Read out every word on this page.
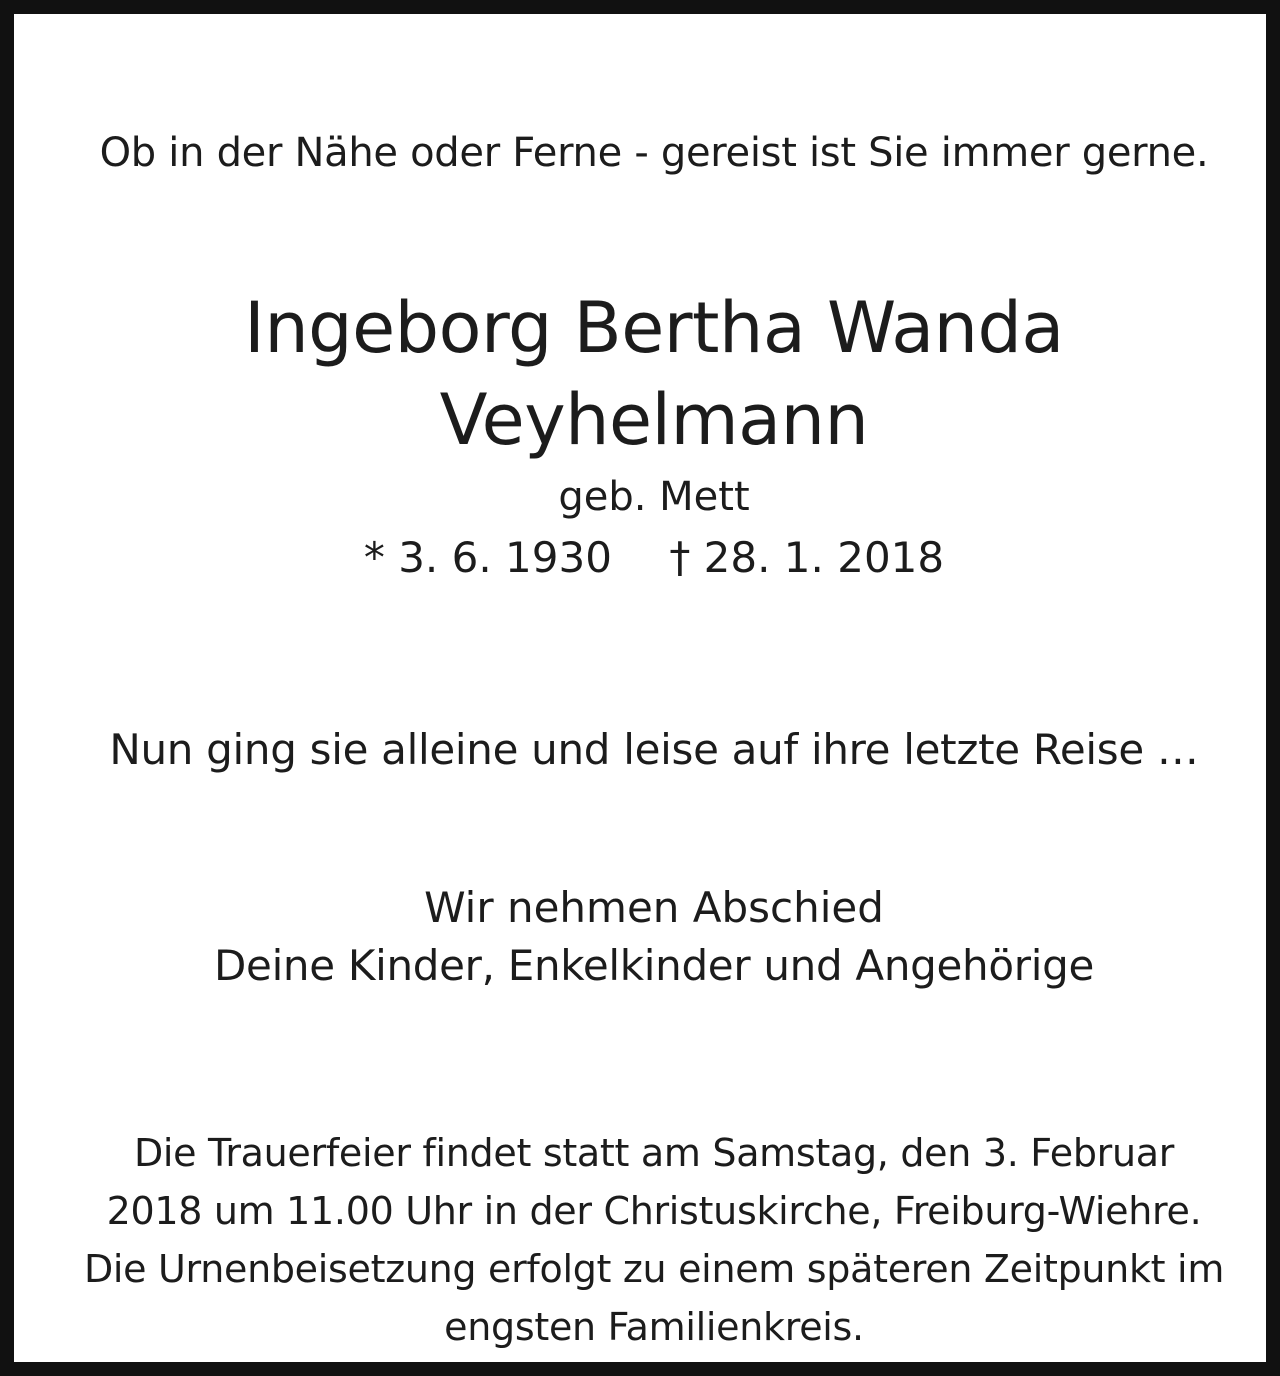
Ob in der Nähe oder Ferne - gereist ist Sie immer gerne.

Ingeborg Bertha Wanda

Veyhelmann

geb. Mett

* 3. 6. 1930 † 28. 1. 2018

Nun ging sie alleine und leise auf ihre letzte Reise …

Wir nehmen Abschied

Deine Kinder, Enkelkinder und Angehörige

Die Trauerfeier findet statt am Samstag, den 3. Februar
2018 um 11.00 Uhr in der Christuskirche, Freiburg-Wiehre.
Die Urnenbeisetzung erfolgt zu einem späteren Zeitpunkt im
engsten Familienkreis.
